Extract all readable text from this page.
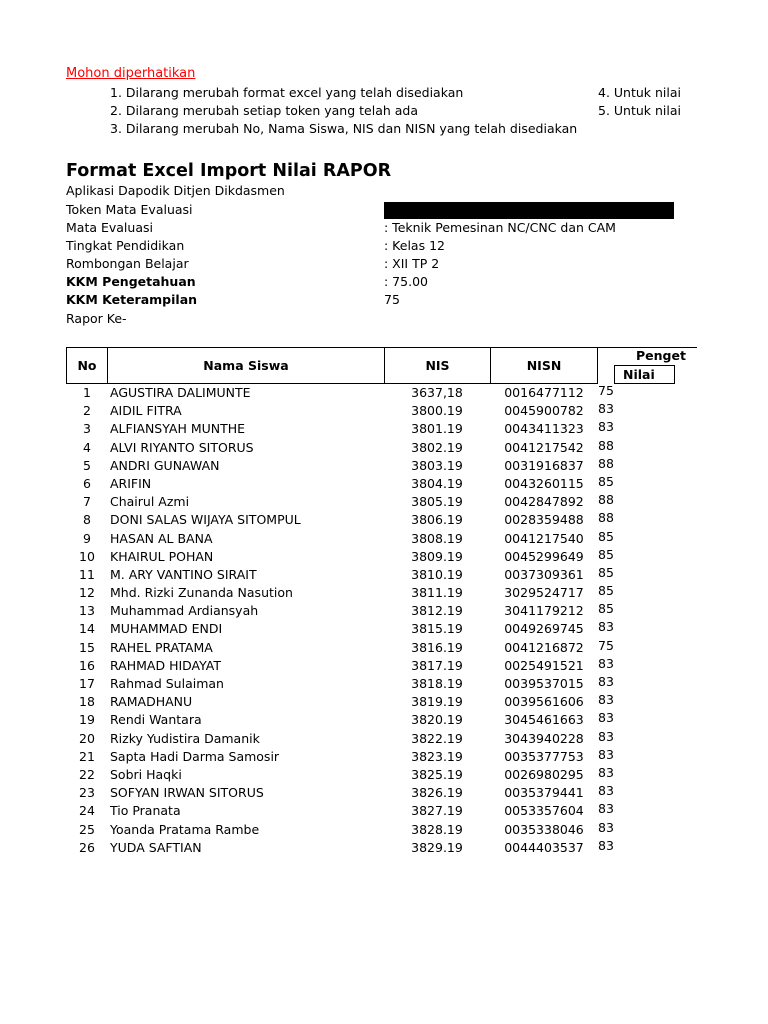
Mohon diperhatikan
1. Dilarang merubah format excel yang telah disediakan
2. Dilarang merubah setiap token yang telah ada
3. Dilarang merubah No, Nama Siswa, NIS dan NISN yang telah disediakan
4. Untuk nilai
5. Untuk nilai
Format Excel Import Nilai RAPOR
Aplikasi Dapodik Ditjen Dikdasmen
Token Mata Evaluasi
Mata Evaluasi	: Teknik Pemesinan NC/CNC dan CAM
Tingkat Pendidikan	: Kelas 12
Rombongan Belajar	: XII TP 2
KKM Pengetahuan	: 75.00
KKM Keterampilan	75
Rapor Ke-
No	Nama Siswa	NIS	NISN
Penget
Nilai
1	AGUSTIRA DALIMUNTE	3637,18	0016477112	75
2	AIDIL FITRA	3800.19	0045900782	83
3	ALFIANSYAH MUNTHE	3801.19	0043411323	83
4	ALVI RIYANTO SITORUS	3802.19	0041217542	88
5	ANDRI GUNAWAN	3803.19	0031916837	88
6	ARIFIN	3804.19	0043260115	85
7	Chairul Azmi	3805.19	0042847892	88
8	DONI SALAS WIJAYA SITOMPUL	3806.19	0028359488	88
9	HASAN AL BANA	3808.19	0041217540	85
10	KHAIRUL POHAN	3809.19	0045299649	85
11	M. ARY VANTINO SIRAIT	3810.19	0037309361	85
12	Mhd. Rizki Zunanda Nasution	3811.19	3029524717	85
13	Muhammad Ardiansyah	3812.19	3041179212	85
14	MUHAMMAD ENDI	3815.19	0049269745	83
15	RAHEL PRATAMA	3816.19	0041216872	75
16	RAHMAD HIDAYAT	3817.19	0025491521	83
17	Rahmad Sulaiman	3818.19	0039537015	83
18	RAMADHANU	3819.19	0039561606	83
19	Rendi Wantara	3820.19	3045461663	83
20	Rizky Yudistira Damanik	3822.19	3043940228	83
21	Sapta Hadi Darma Samosir	3823.19	0035377753	83
22	Sobri Haqki	3825.19	0026980295	83
23	SOFYAN IRWAN SITORUS	3826.19	0035379441	83
24	Tio Pranata	3827.19	0053357604	83
25	Yoanda Pratama Rambe	3828.19	0035338046	83
26	YUDA SAFTIAN	3829.19	0044403537	83
